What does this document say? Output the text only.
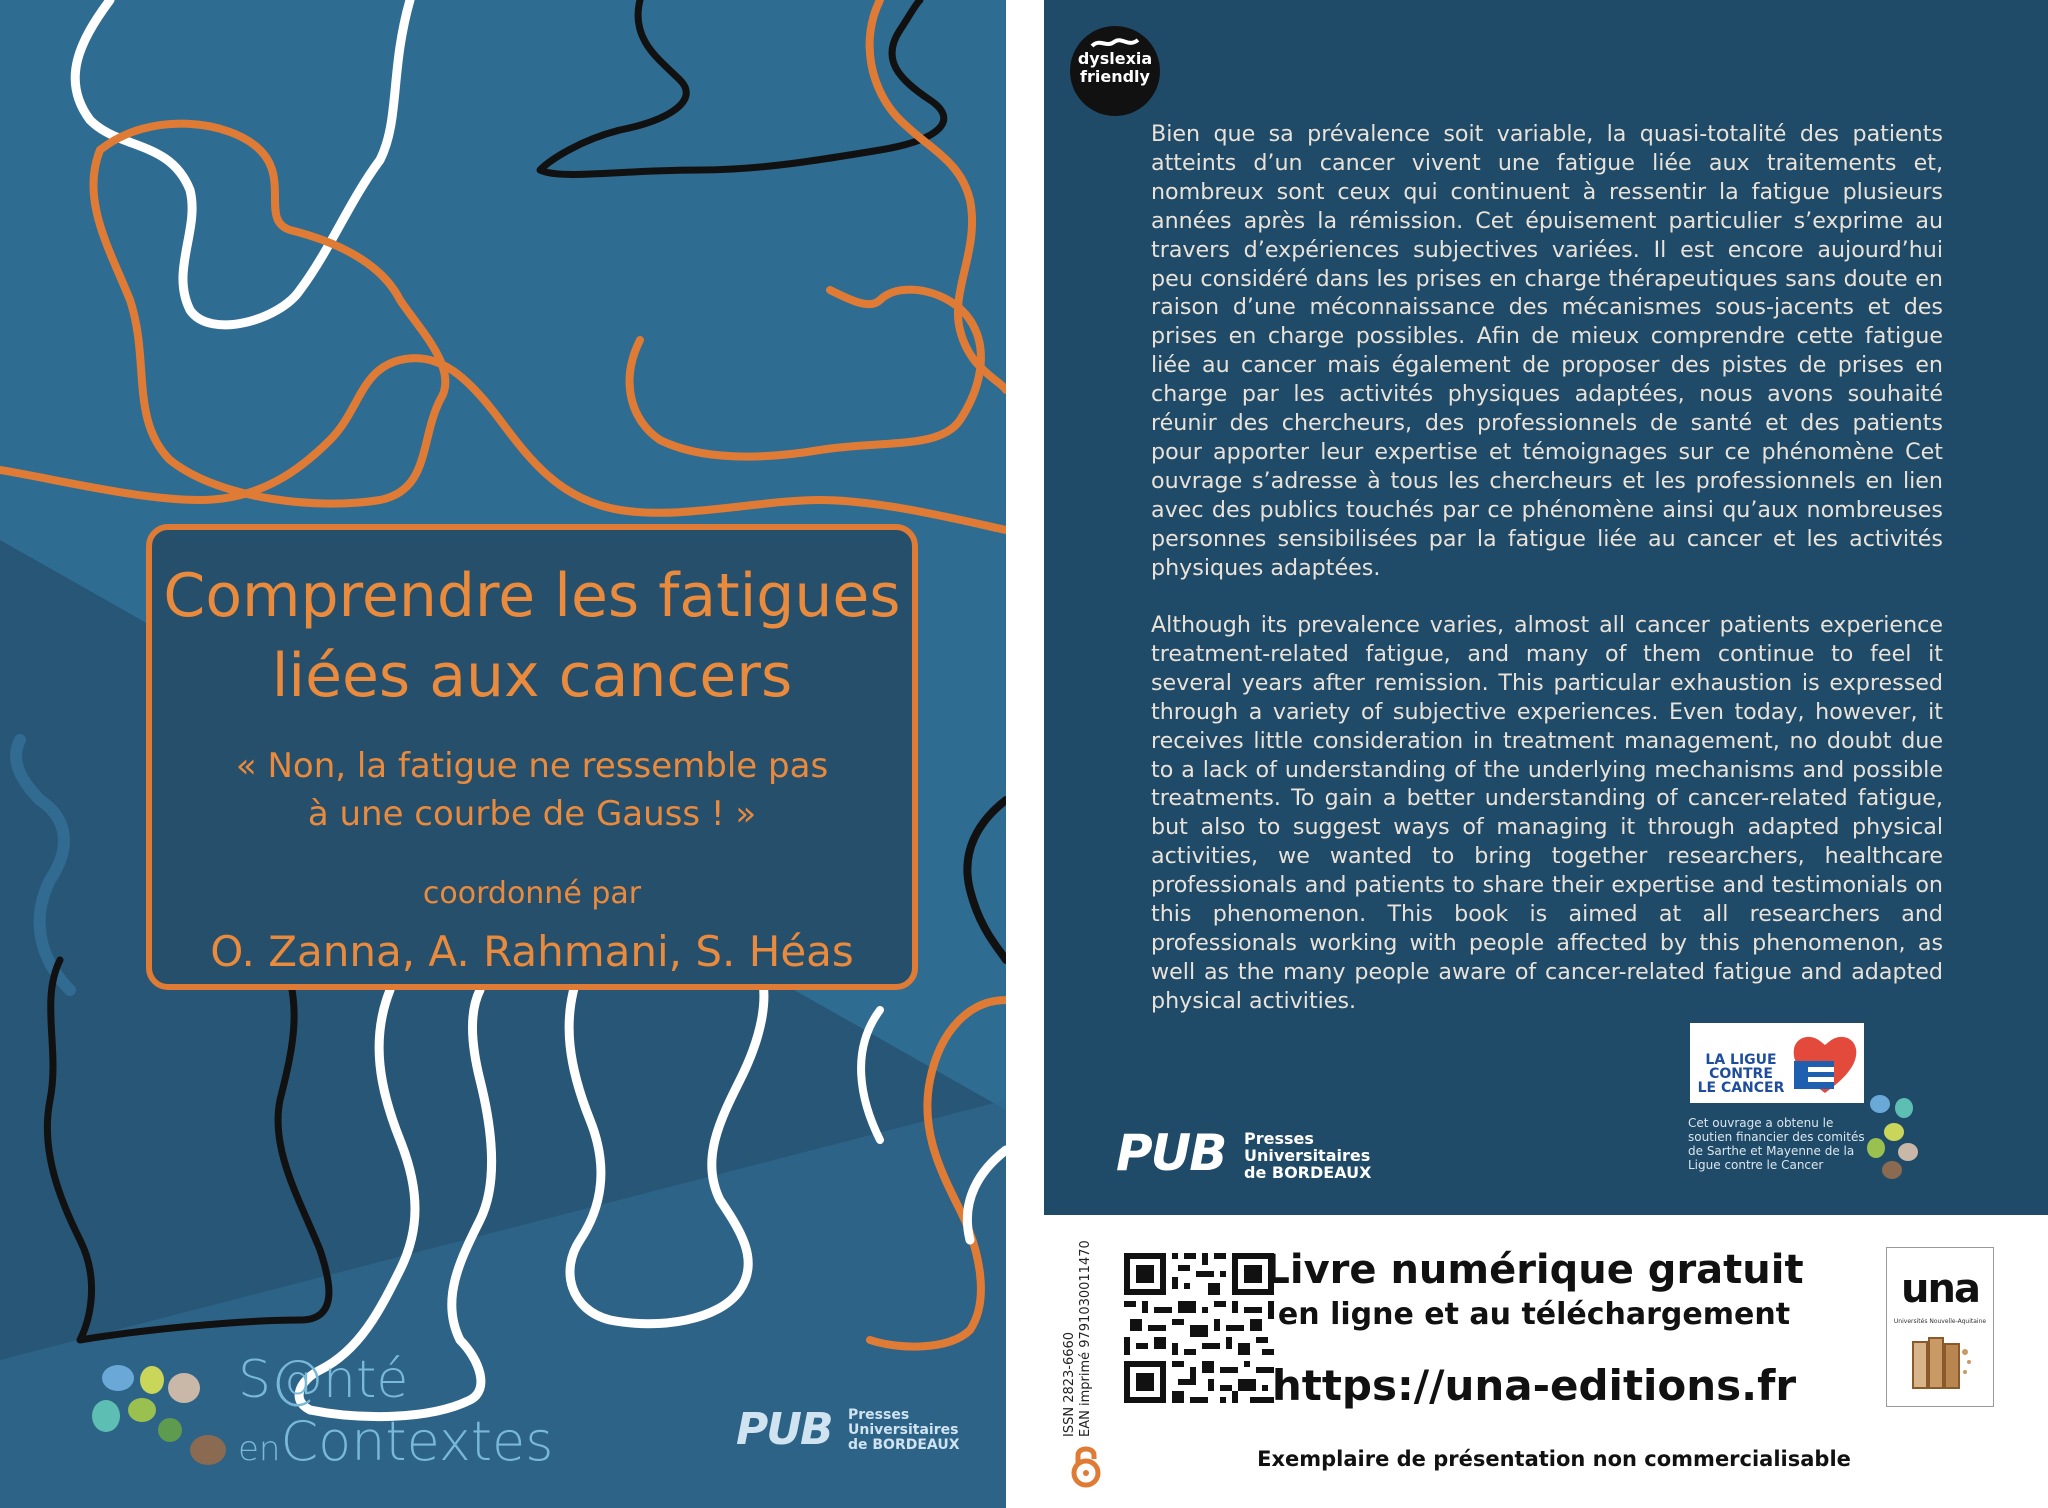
Comprendre les fatigues
liées aux cancers
« Non, la fatigue ne ressemble pas
à une courbe de Gauss ! »
coordonné par
O. Zanna, A. Rahmani, S. Héas
S@nté
enContextes	PUB Presses
Universitaires
de BORDEAUX
dyslexia
friendly
Bien que sa prévalence soit variable, la quasi-totalité des patients atteints d’un cancer vivent une fatigue liée aux traitements et, nombreux sont ceux qui continuent à ressentir la fatigue plusieurs années après la rémission. Cet épuisement particulier s’exprime au travers d’expériences subjectives variées. Il est encore aujourd’hui peu considéré dans les prises en charge thérapeutiques sans doute en raison d’une méconnaissance des mécanismes sous-jacents et des prises en charge possibles. Afin de mieux comprendre cette fatigue liée au cancer mais également de proposer des pistes de prises en charge par les activités physiques adaptées, nous avons souhaité réunir des chercheurs, des professionnels de santé et des patients pour apporter leur expertise et témoignages sur ce phénomène Cet ouvrage s’adresse à tous les chercheurs et les professionnels en lien avec des publics touchés par ce phénomène ainsi qu’aux nombreuses personnes sensibilisées par la fatigue liée au cancer et les activités physiques adaptées.
Although its prevalence varies, almost all cancer patients experience treatment-related fatigue, and many of them continue to feel it several years after remission. This particular exhaustion is expressed through a variety of subjective experiences. Even today, however, it receives little consideration in treatment management, no doubt due to a lack of understanding of the underlying mechanisms and possible treatments. To gain a better understanding of cancer-related fatigue, but also to suggest ways of managing it through adapted physical activities, we wanted to bring together researchers, healthcare professionals and patients to share their expertise and testimonials on this phenomenon. This book is aimed at all researchers and professionals working with people affected by this phenomenon, as well as the many people aware of cancer-related fatigue and adapted physical activities.
LA LIGUE
CONTRE
LE CANCER
Cet ouvrage a obtenu le soutien financier des comités de Sarthe et Mayenne de la Ligue contre le Cancer
PUB Presses
Universitaires
de BORDEAUX
ISSN 2823-6660 EAN imprimé 9791030011470	Livre numérique gratuit
en ligne et au téléchargement
https://una-editions.fr
Exemplaire de présentation non commercialisable
una
Universités Nouvelle-Aquitaine
